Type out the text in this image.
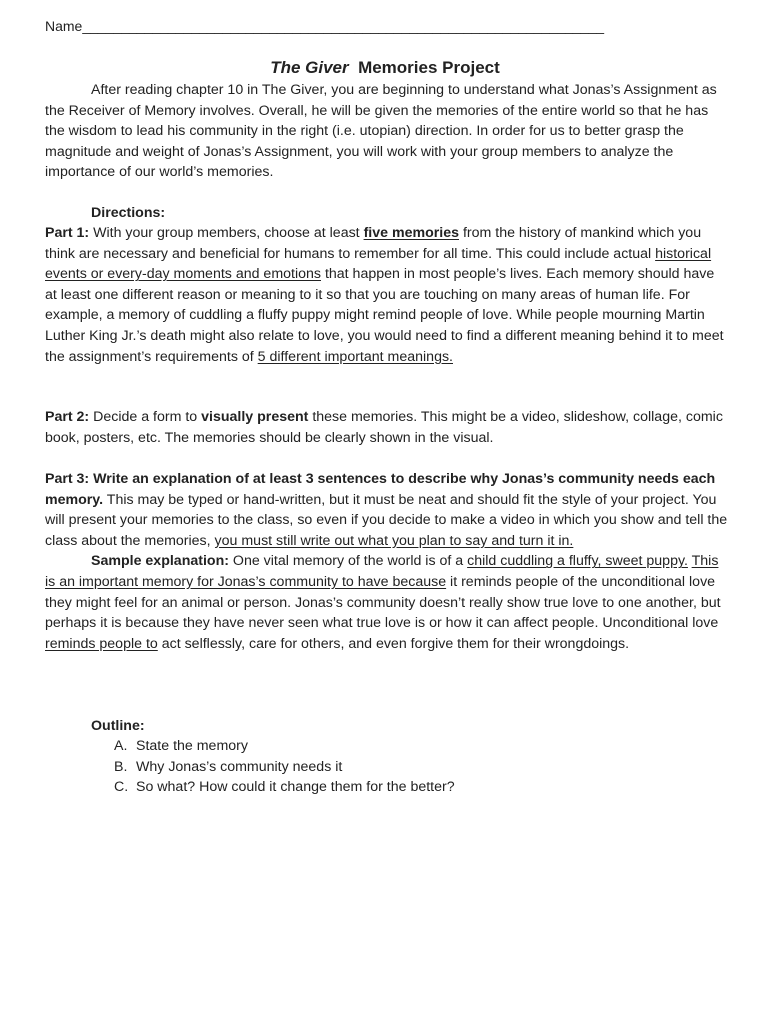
Name___________________________________________________________________
The Giver Memories Project
After reading chapter 10 in The Giver, you are beginning to understand what Jonas’s Assignment as the Receiver of Memory involves. Overall, he will be given the memories of the entire world so that he has the wisdom to lead his community in the right (i.e. utopian) direction. In order for us to better grasp the magnitude and weight of Jonas’s Assignment, you will work with your group members to analyze the importance of our world’s memories.
Directions:
Part 1: With your group members, choose at least five memories from the history of mankind which you think are necessary and beneficial for humans to remember for all time. This could include actual historical events or every-day moments and emotions that happen in most people’s lives. Each memory should have at least one different reason or meaning to it so that you are touching on many areas of human life. For example, a memory of cuddling a fluffy puppy might remind people of love. While people mourning Martin Luther King Jr.’s death might also relate to love, you would need to find a different meaning behind it to meet the assignment’s requirements of 5 different important meanings.
Part 2: Decide a form to visually present these memories. This might be a video, slideshow, collage, comic book, posters, etc. The memories should be clearly shown in the visual.
Part 3: Write an explanation of at least 3 sentences to describe why Jonas’s community needs each memory. This may be typed or hand-written, but it must be neat and should fit the style of your project. You will present your memories to the class, so even if you decide to make a video in which you show and tell the class about the memories, you must still write out what you plan to say and turn it in.
Sample explanation: One vital memory of the world is of a child cuddling a fluffy, sweet puppy. This is an important memory for Jonas’s community to have because it reminds people of the unconditional love they might feel for an animal or person. Jonas’s community doesn’t really show true love to one another, but perhaps it is because they have never seen what true love is or how it can affect people. Unconditional love reminds people to act selflessly, care for others, and even forgive them for their wrongdoings.
Outline:
A. State the memory
B. Why Jonas’s community needs it
C. So what? How could it change them for the better?
